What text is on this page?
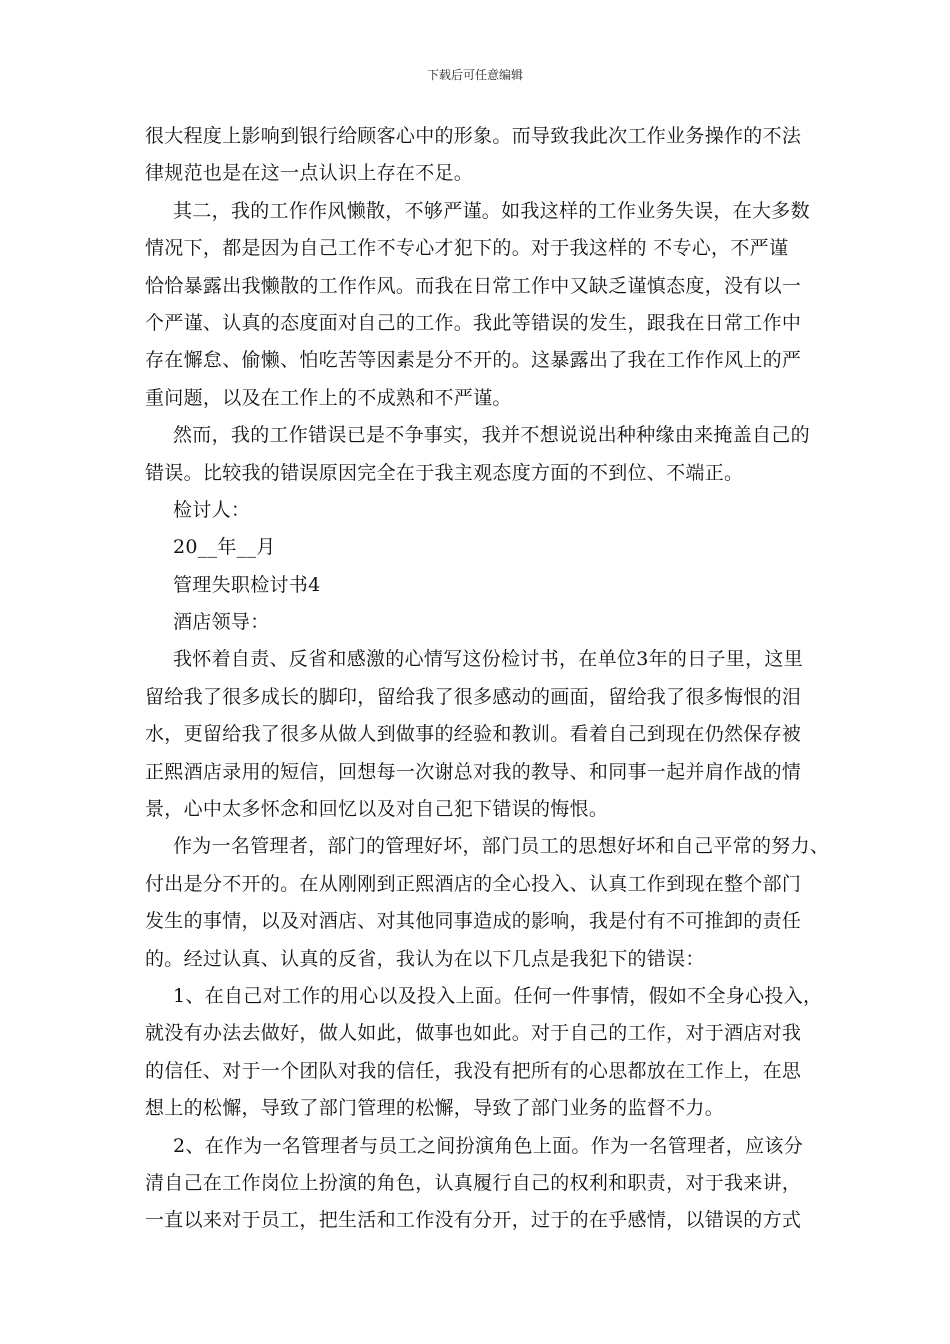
下载后可任意编辑
很大程度上影响到银行给顾客心中的形象。而导致我此次工作业务操作的不法
律规范也是在这一点认识上存在不足。
其二，我的工作作风懒散，不够严谨。如我这样的工作业务失误，在大多数
情况下，都是因为自己工作不专心才犯下的。对于我这样的 不专心，不严谨
恰恰暴露出我懒散的工作作风。而我在日常工作中又缺乏谨慎态度，没有以一
个严谨、认真的态度面对自己的工作。我此等错误的发生，跟我在日常工作中
存在懈怠、偷懒、怕吃苦等因素是分不开的。这暴露出了我在工作作风上的严
重问题，以及在工作上的不成熟和不严谨。
然而，我的工作错误已是不争事实，我并不想说说出种种缘由来掩盖自己的
错误。比较我的错误原因完全在于我主观态度方面的不到位、不端正。
检讨人：
20__年__月
管理失职检讨书4
酒店领导：
我怀着自责、反省和感激的心情写这份检讨书，在单位3年的日子里，这里
留给我了很多成长的脚印，留给我了很多感动的画面，留给我了很多悔恨的泪
水，更留给我了很多从做人到做事的经验和教训。看着自己到现在仍然保存被
正熙酒店录用的短信，回想每一次谢总对我的教导、和同事一起并肩作战的情
景，心中太多怀念和回忆以及对自己犯下错误的悔恨。
作为一名管理者，部门的管理好坏，部门员工的思想好坏和自己平常的努力、
付出是分不开的。在从刚刚到正熙酒店的全心投入、认真工作到现在整个部门
发生的事情，以及对酒店、对其他同事造成的影响，我是付有不可推卸的责任
的。经过认真、认真的反省，我认为在以下几点是我犯下的错误：
1、在自己对工作的用心以及投入上面。任何一件事情，假如不全身心投入，
就没有办法去做好，做人如此，做事也如此。对于自己的工作，对于酒店对我
的信任、对于一个团队对我的信任，我没有把所有的心思都放在工作上，在思
想上的松懈，导致了部门管理的松懈，导致了部门业务的监督不力。
2、在作为一名管理者与员工之间扮演角色上面。作为一名管理者，应该分
清自己在工作岗位上扮演的角色，认真履行自己的权利和职责，对于我来讲，
一直以来对于员工，把生活和工作没有分开，过于的在乎感情，以错误的方式
